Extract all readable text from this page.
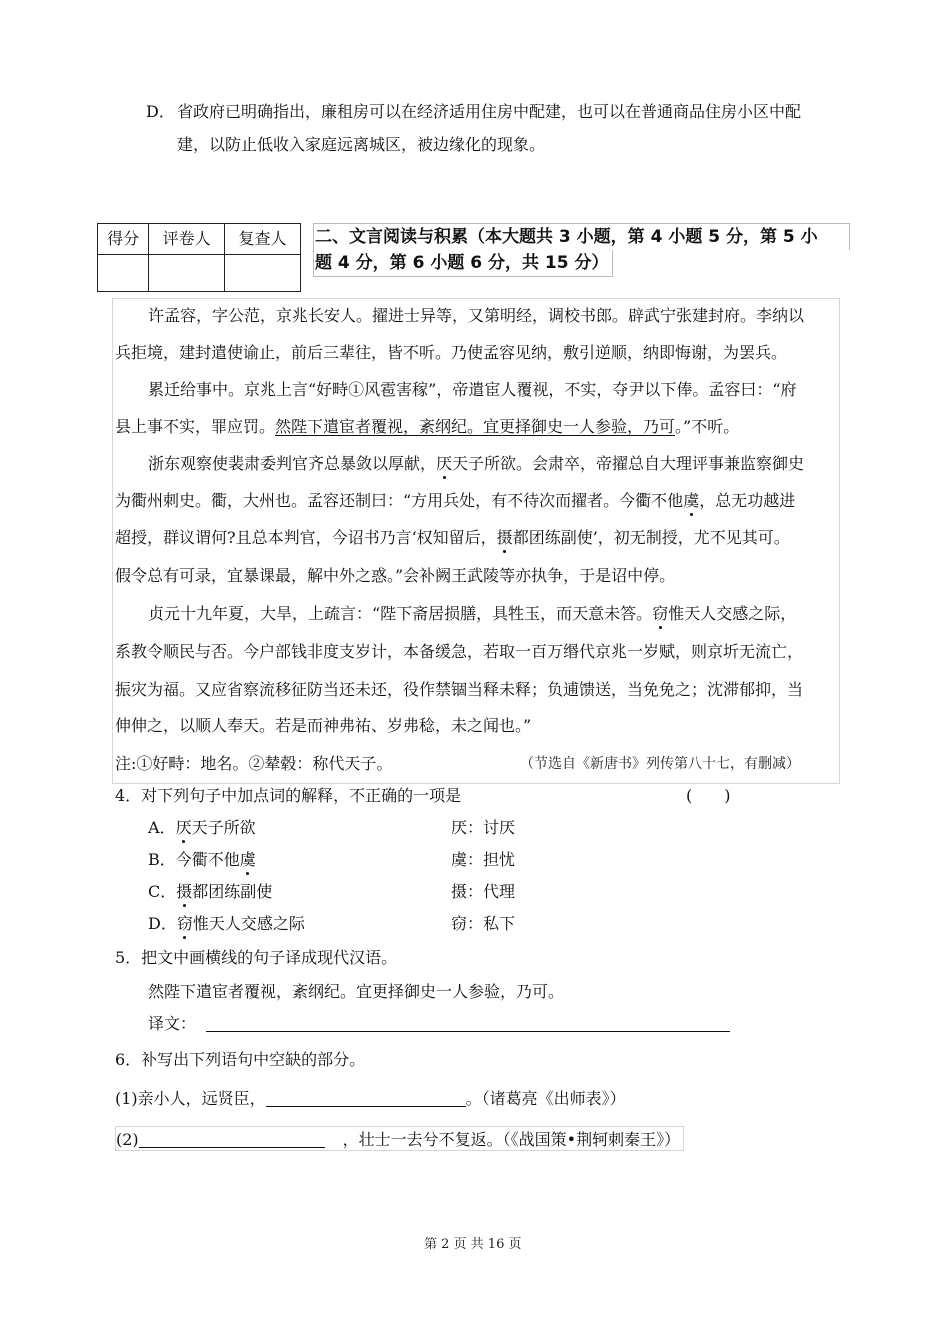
D． 省政府已明确指出，廉租房可以在经济适用住房中配建，也可以在普通商品住房小区中配
建，以防止低收入家庭远离城区，被边缘化的现象。
得分	评卷人	复查人
		二、文言阅读与积累（本大题共 3 小题，第 4 小题 5 分，第 5 小
题 4 分，第 6 小题 6 分，共 15 分）
许孟容，字公范，京兆长安人。擢进士异等，又第明经，调校书郎。辟武宁张建封府。李纳以
兵拒境，建封遣使谕止，前后三辈往，皆不听。乃使孟容见纳，敷引逆顺，纳即悔谢，为罢兵。
累迁给事中。京兆上言“好畤①风雹害稼”，帝遣宦人覆视，不实，夺尹以下俸。孟容曰：“府
县上事不实，罪应罚。然陛下遣宦者覆视，紊纲纪。宜更择御史一人参验，乃可。”不听。
浙东观察使裴肃委判官齐总暴敛以厚献，厌天子所欲。会肃卒，帝擢总自大理评事兼监察御史
为衢州刺史。衢，大州也。孟容还制曰：“方用兵处，有不待次而擢者。今衢不他虞，总无功越进
超授，群议谓何?且总本判官，今诏书乃言‘权知留后，摄都团练副使’，初无制授，尤不见其可。
假令总有可录，宜暴课最，解中外之惑。”会补阙王武陵等亦执争，于是诏中停。
贞元十九年夏，大旱，上疏言：“陛下斋居损膳，具牲玉，而天意未答。窃惟天人交感之际，
系教令顺民与否。今户部钱非度支岁计，本备缓急，若取一百万缗代京兆一岁赋，则京圻无流亡，
振灾为福。又应省察流移征防当还未还，役作禁锢当释未释；负逋馈送，当免免之；沈滞郁抑，当
伸伸之，以顺人奉天。若是而神弗祐、岁弗稔，未之闻也。”
注:①好畤：地名。②辇毂：称代天子。	（节选自《新唐书》列传第八十七，有删减）
4．对下列句子中加点词的解释，不正确的一项是	(　　)
A．厌天子所欲	厌：讨厌
B．今衢不他虞	虞：担忧
C．摄都团练副使	摄：代理
D．窃惟天人交感之际	窃：私下
5．把文中画横线的句子译成现代汉语。
然陛下遣宦者覆视，紊纲纪。宜更择御史一人参验，乃可。
译文：
6．补写出下列语句中空缺的部分。
(1)亲小人，远贤臣，	。（诸葛亮《出师表》）
(2)	，壮士一去兮不复返。（《战国策•荆轲刺秦王》）
第 2 页 共 16 页
